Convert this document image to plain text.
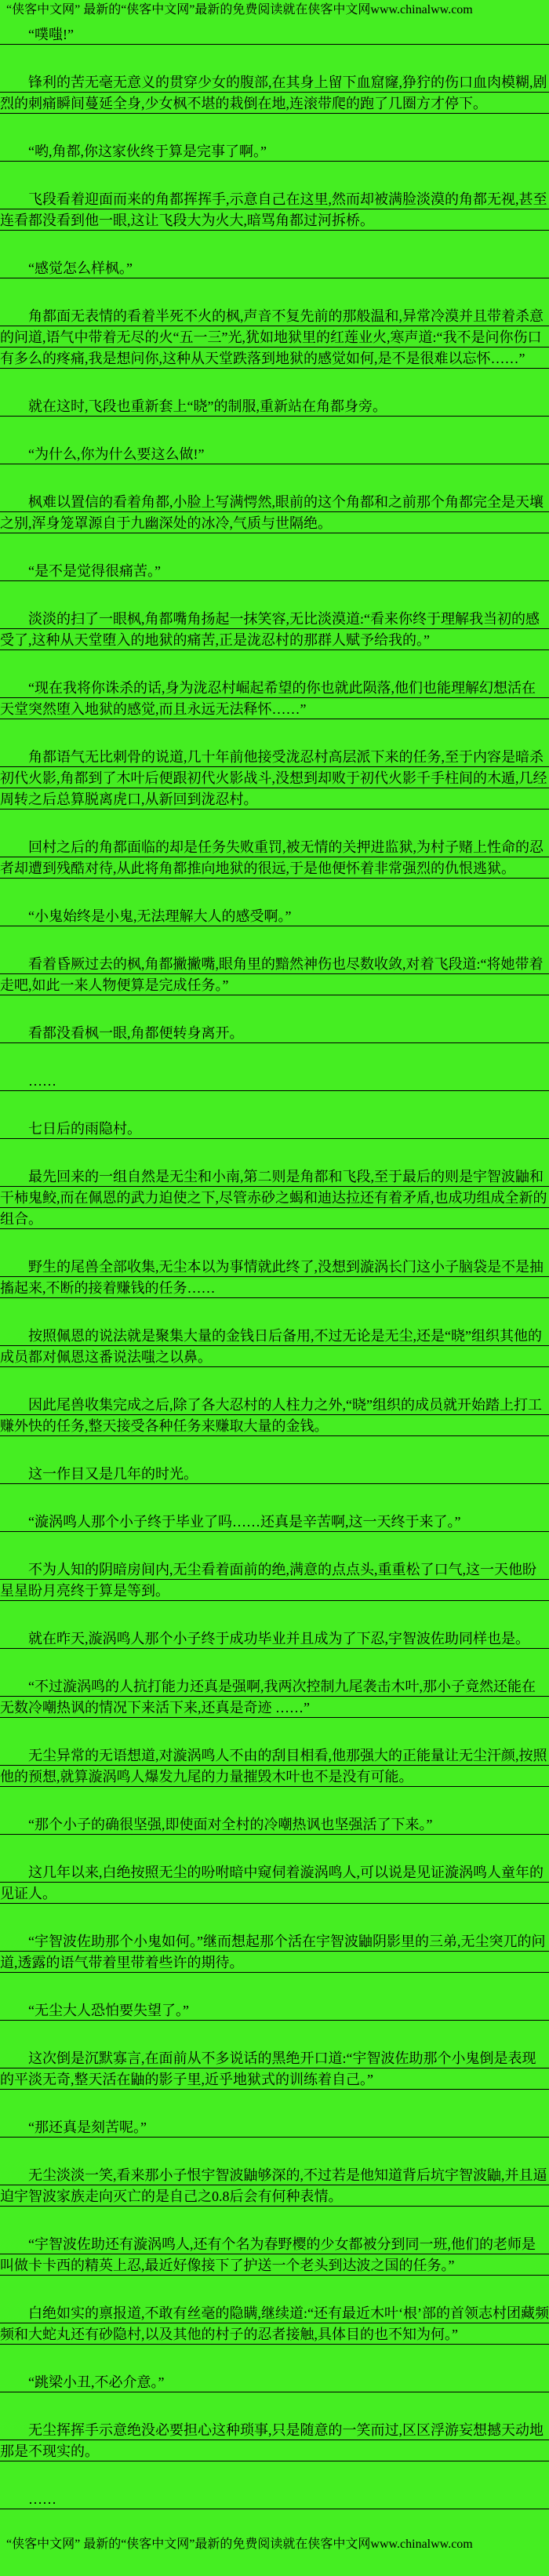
“侠客中文网” 最新的“侠客中文网”最新的免费阅读就在侠客中文网www.chinalww.com

“噗嗤!”

锋利的苦无毫无意义的贯穿少女的腹部,在其身上留下血窟窿,狰狞的伤口血肉模糊,剧烈的刺痛瞬间蔓延全身,少女枫不堪的栽倒在地,连滚带爬的跑了几圈方才停下。

“哟,角都,你这家伙终于算是完事了啊。”

飞段看着迎面而来的角都挥挥手,示意自己在这里,然而却被满脸淡漠的角都无视,甚至连看都没看到他一眼,这让飞段大为火大,暗骂角都过河拆桥。

“感觉怎么样枫。”

角都面无表情的看着半死不火的枫,声音不复先前的那般温和,异常冷漠并且带着杀意的问道,语气中带着无尽的火“五一三”光,犹如地狱里的红莲业火,寒声道:“我不是问你伤口有多么的疼痛,我是想问你,这种从天堂跌落到地狱的感觉如何,是不是很难以忘怀……”

就在这时,飞段也重新套上“晓”的制服,重新站在角都身旁。

“为什么,你为什么要这么做!”

枫难以置信的看着角都,小脸上写满愕然,眼前的这个角都和之前那个角都完全是天壤之别,浑身笼罩源自于九幽深处的冰冷,气质与世隔绝。

“是不是觉得很痛苦。”

淡淡的扫了一眼枫,角都嘴角扬起一抹笑容,无比淡漠道:“看来你终于理解我当初的感受了,这种从天堂堕入的地狱的痛苦,正是泷忍村的那群人赋予给我的。”

“现在我将你诛杀的话,身为泷忍村崛起希望的你也就此陨落,他们也能理解幻想活在天堂突然堕入地狱的感觉,而且永远无法释怀……”

角都语气无比刺骨的说道,几十年前他接受泷忍村高层派下来的任务,至于内容是暗杀初代火影,角都到了木叶后便跟初代火影战斗,没想到却败于初代火影千手柱间的木遁,几经周转之后总算脱离虎口,从新回到泷忍村。

回村之后的角都面临的却是任务失败重罚,被无情的关押进监狱,为村子赌上性命的忍者却遭到残酷对待,从此将角都推向地狱的很远,于是他便怀着非常强烈的仇恨逃狱。

“小鬼始终是小鬼,无法理解大人的感受啊。”

看着昏厥过去的枫,角都撇撇嘴,眼角里的黯然神伤也尽数收敛,对着飞段道:“将她带着走吧,如此一来人物便算是完成任务。”

看都没看枫一眼,角都便转身离开。

……

七日后的雨隐村。

最先回来的一组自然是无尘和小南,第二则是角都和飞段,至于最后的则是宇智波鼬和干柿鬼鲛,而在佩恩的武力迫使之下,尽管赤砂之蝎和迪达拉还有着矛盾,也成功组成全新的组合。

野生的尾兽全部收集,无尘本以为事情就此终了,没想到漩涡长门这小子脑袋是不是抽搐起来,不断的接着赚钱的任务……

按照佩恩的说法就是聚集大量的金钱日后备用,不过无论是无尘,还是“晓”组织其他的成员都对佩恩这番说法嗤之以鼻。

因此尾兽收集完成之后,除了各大忍村的人柱力之外,“晓”组织的成员就开始踏上打工赚外快的任务,整天接受各种任务来赚取大量的金钱。

这一作目又是几年的时光。

“漩涡鸣人那个小子终于毕业了吗……还真是辛苦啊,这一天终于来了。”

不为人知的阴暗房间内,无尘看着面前的绝,满意的点点头,重重松了口气,这一天他盼星星盼月亮终于算是等到。

就在昨天,漩涡鸣人那个小子终于成功毕业并且成为了下忍,宇智波佐助同样也是。

“不过漩涡鸣的人抗打能力还真是强啊,我两次控制九尾袭击木叶,那小子竟然还能在无数冷嘲热讽的情况下来活下来,还真是奇迹 ……”

无尘异常的无语想道,对漩涡鸣人不由的刮目相看,他那强大的正能量让无尘汗颜,按照他的预想,就算漩涡鸣人爆发九尾的力量摧毁木叶也不是没有可能。

“那个小子的确很坚强,即使面对全村的冷嘲热讽也坚强活了下来。”

这几年以来,白绝按照无尘的吩咐暗中窥伺着漩涡鸣人,可以说是见证漩涡鸣人童年的见证人。

“宇智波佐助那个小鬼如何。”继而想起那个活在宇智波鼬阴影里的三弟,无尘突兀的问道,透露的语气带着里带着些许的期待。

“无尘大人恐怕要失望了。”

这次倒是沉默寡言,在面前从不多说话的黑绝开口道:“宇智波佐助那个小鬼倒是表现的平淡无奇,整天活在鼬的影子里,近乎地狱式的训练着自己。”

“那还真是刻苦呢。”

无尘淡淡一笑,看来那小子恨宇智波鼬够深的,不过若是他知道背后坑宇智波鼬,并且逼迫宇智波家族走向灭亡的是自己之0.8后会有何种表情。

“宇智波佐助还有漩涡鸣人,还有个名为春野樱的少女都被分到同一班,他们的老师是叫做卡卡西的精英上忍,最近好像接下了护送一个老头到达波之国的任务。”

白绝如实的禀报道,不敢有丝毫的隐瞒,继续道:“还有最近木叶‘根’部的首领志村团藏频频和大蛇丸还有砂隐村,以及其他的村子的忍者接触,具体目的也不知为何。”

“跳梁小丑,不必介意。”

无尘挥挥手示意绝没必要担心这种琐事,只是随意的一笑而过,区区浮游妄想撼天动地那是不现实的。

……

“侠客中文网” 最新的“侠客中文网”最新的免费阅读就在侠客中文网www.chinalww.com
